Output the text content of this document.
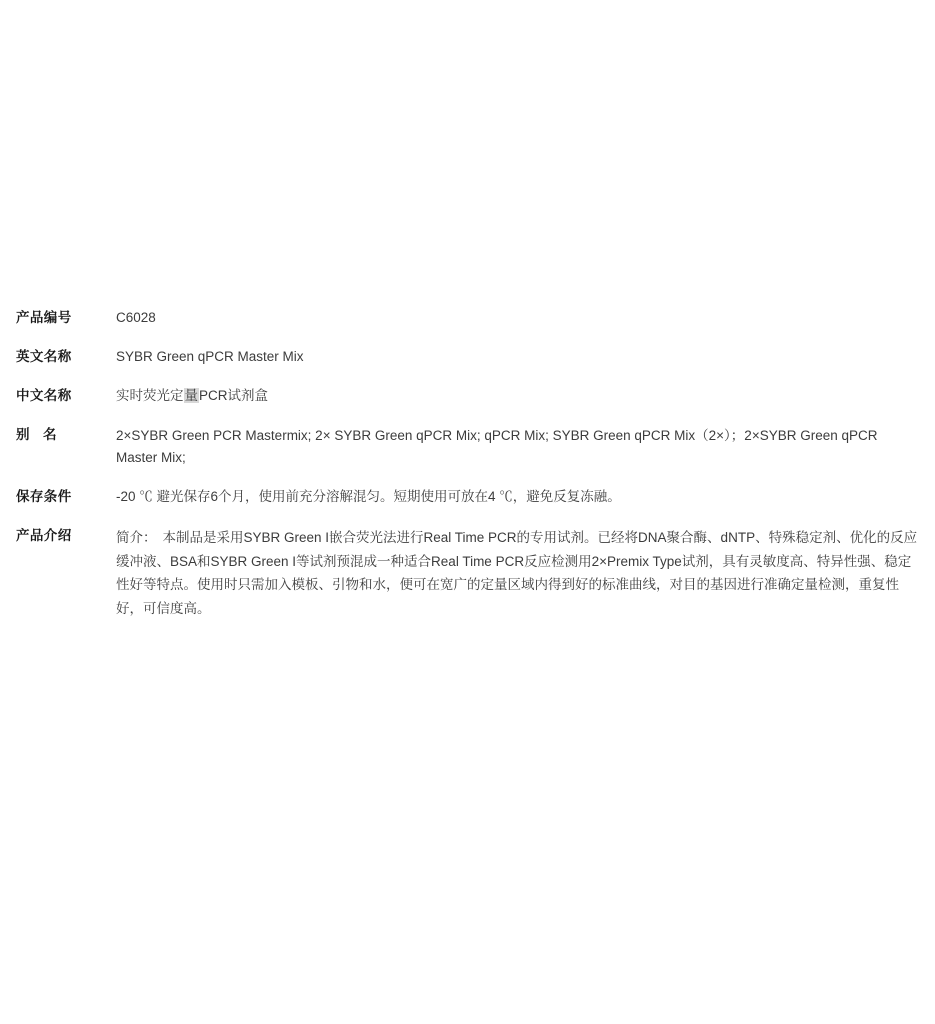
产品编号	C6028
英文名称	SYBR Green qPCR Master Mix
中文名称	实时荧光定量PCR试剂盒
别　名	2×SYBR Green PCR Mastermix; 2× SYBR Green qPCR Mix; qPCR Mix; SYBR Green qPCR Mix（2×）；2×SYBR Green qPCR Master Mix;
保存条件	-20 ℃ 避光保存6个月，使用前充分溶解混匀。短期使用可放在4 ℃，避免反复冻融。
产品介绍	简介： 本制品是采用SYBR Green I嵌合荧光法进行Real Time PCR的专用试剂。已经将DNA聚合酶、dNTP、特殊稳定剂、优化的反应缓冲液、BSA和SYBR Green I等试剂预混成一种适合Real Time PCR反应检测用2×Premix Type试剂，具有灵敏度高、特异性强、稳定性好等特点。使用时只需加入模板、引物和水，便可在宽广的定量区域内得到好的标准曲线，对目的基因进行准确定量检测，重复性好，可信度高。
